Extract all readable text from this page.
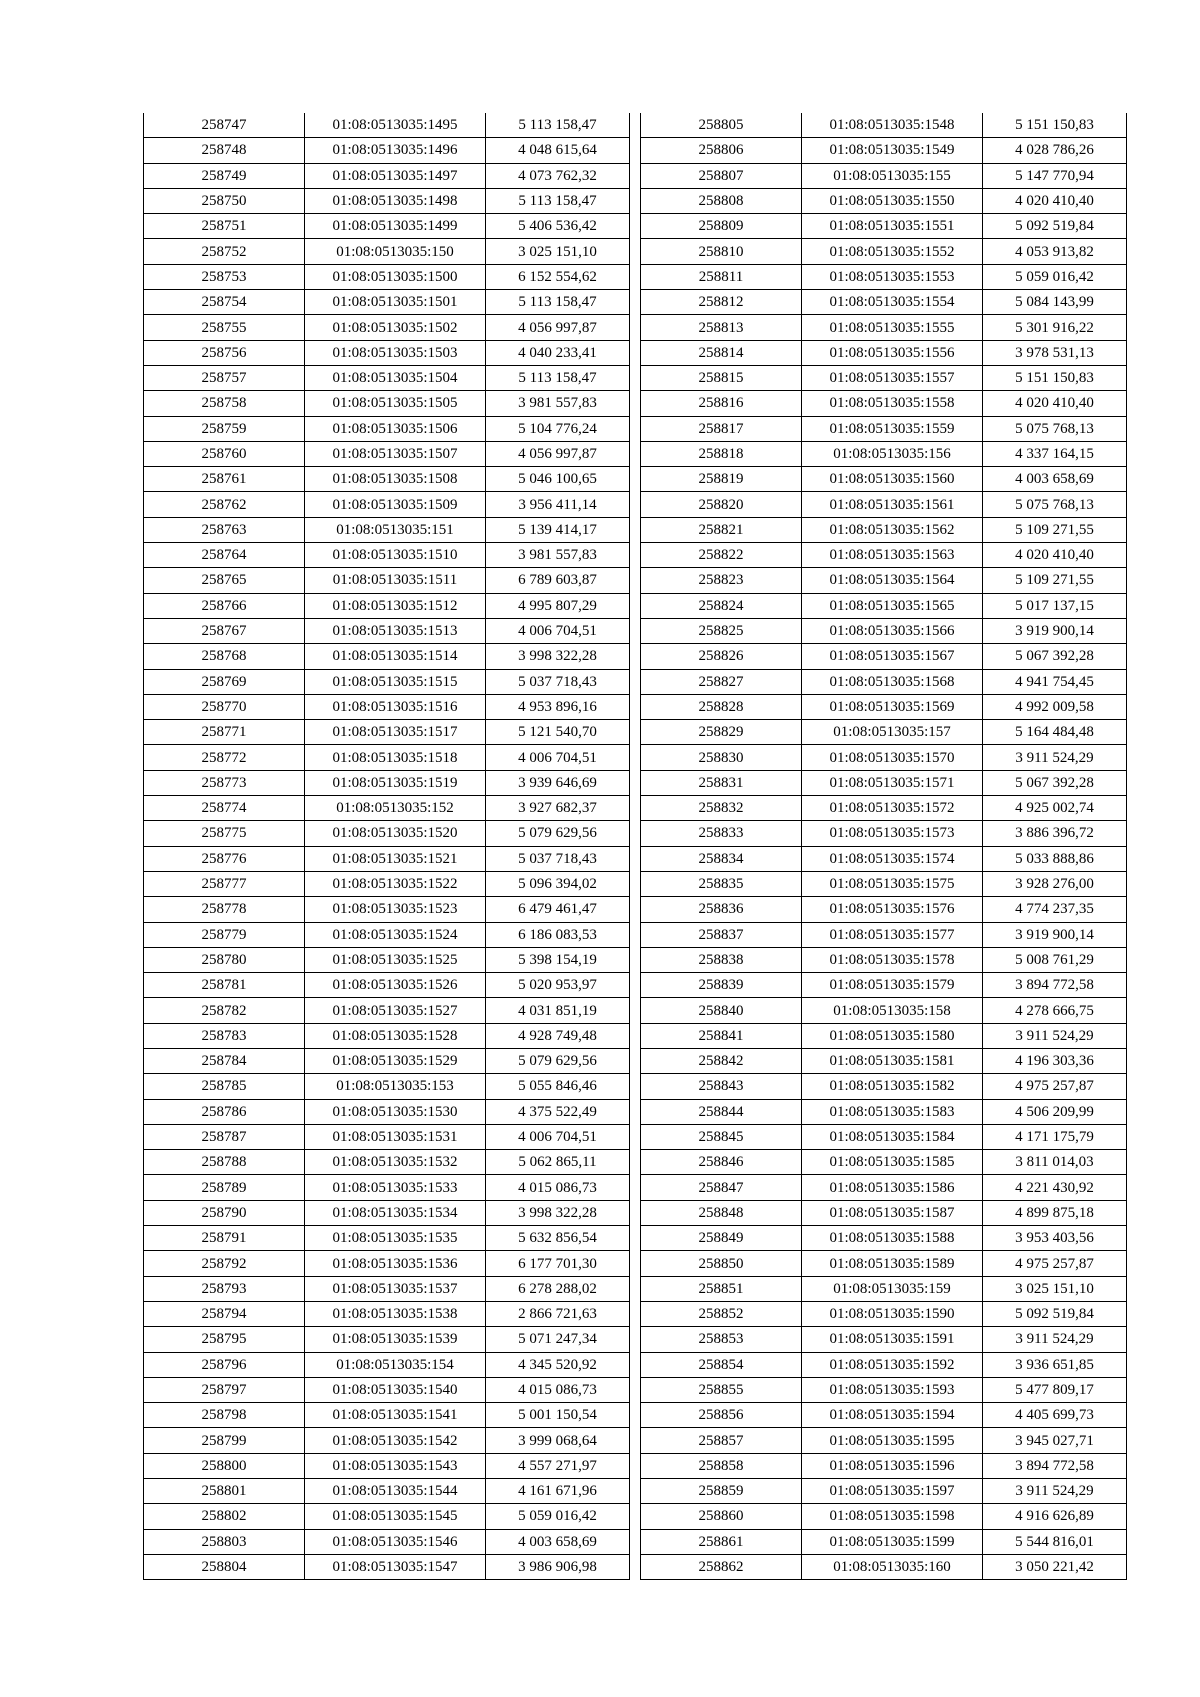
258747	01:08:0513035:1495	5 113 158,47
258748	01:08:0513035:1496	4 048 615,64
258749	01:08:0513035:1497	4 073 762,32
258750	01:08:0513035:1498	5 113 158,47
258751	01:08:0513035:1499	5 406 536,42
258752	01:08:0513035:150	3 025 151,10
258753	01:08:0513035:1500	6 152 554,62
258754	01:08:0513035:1501	5 113 158,47
258755	01:08:0513035:1502	4 056 997,87
258756	01:08:0513035:1503	4 040 233,41
258757	01:08:0513035:1504	5 113 158,47
258758	01:08:0513035:1505	3 981 557,83
258759	01:08:0513035:1506	5 104 776,24
258760	01:08:0513035:1507	4 056 997,87
258761	01:08:0513035:1508	5 046 100,65
258762	01:08:0513035:1509	3 956 411,14
258763	01:08:0513035:151	5 139 414,17
258764	01:08:0513035:1510	3 981 557,83
258765	01:08:0513035:1511	6 789 603,87
258766	01:08:0513035:1512	4 995 807,29
258767	01:08:0513035:1513	4 006 704,51
258768	01:08:0513035:1514	3 998 322,28
258769	01:08:0513035:1515	5 037 718,43
258770	01:08:0513035:1516	4 953 896,16
258771	01:08:0513035:1517	5 121 540,70
258772	01:08:0513035:1518	4 006 704,51
258773	01:08:0513035:1519	3 939 646,69
258774	01:08:0513035:152	3 927 682,37
258775	01:08:0513035:1520	5 079 629,56
258776	01:08:0513035:1521	5 037 718,43
258777	01:08:0513035:1522	5 096 394,02
258778	01:08:0513035:1523	6 479 461,47
258779	01:08:0513035:1524	6 186 083,53
258780	01:08:0513035:1525	5 398 154,19
258781	01:08:0513035:1526	5 020 953,97
258782	01:08:0513035:1527	4 031 851,19
258783	01:08:0513035:1528	4 928 749,48
258784	01:08:0513035:1529	5 079 629,56
258785	01:08:0513035:153	5 055 846,46
258786	01:08:0513035:1530	4 375 522,49
258787	01:08:0513035:1531	4 006 704,51
258788	01:08:0513035:1532	5 062 865,11
258789	01:08:0513035:1533	4 015 086,73
258790	01:08:0513035:1534	3 998 322,28
258791	01:08:0513035:1535	5 632 856,54
258792	01:08:0513035:1536	6 177 701,30
258793	01:08:0513035:1537	6 278 288,02
258794	01:08:0513035:1538	2 866 721,63
258795	01:08:0513035:1539	5 071 247,34
258796	01:08:0513035:154	4 345 520,92
258797	01:08:0513035:1540	4 015 086,73
258798	01:08:0513035:1541	5 001 150,54
258799	01:08:0513035:1542	3 999 068,64
258800	01:08:0513035:1543	4 557 271,97
258801	01:08:0513035:1544	4 161 671,96
258802	01:08:0513035:1545	5 059 016,42
258803	01:08:0513035:1546	4 003 658,69
258804	01:08:0513035:1547	3 986 906,98
258805	01:08:0513035:1548	5 151 150,83
258806	01:08:0513035:1549	4 028 786,26
258807	01:08:0513035:155	5 147 770,94
258808	01:08:0513035:1550	4 020 410,40
258809	01:08:0513035:1551	5 092 519,84
258810	01:08:0513035:1552	4 053 913,82
258811	01:08:0513035:1553	5 059 016,42
258812	01:08:0513035:1554	5 084 143,99
258813	01:08:0513035:1555	5 301 916,22
258814	01:08:0513035:1556	3 978 531,13
258815	01:08:0513035:1557	5 151 150,83
258816	01:08:0513035:1558	4 020 410,40
258817	01:08:0513035:1559	5 075 768,13
258818	01:08:0513035:156	4 337 164,15
258819	01:08:0513035:1560	4 003 658,69
258820	01:08:0513035:1561	5 075 768,13
258821	01:08:0513035:1562	5 109 271,55
258822	01:08:0513035:1563	4 020 410,40
258823	01:08:0513035:1564	5 109 271,55
258824	01:08:0513035:1565	5 017 137,15
258825	01:08:0513035:1566	3 919 900,14
258826	01:08:0513035:1567	5 067 392,28
258827	01:08:0513035:1568	4 941 754,45
258828	01:08:0513035:1569	4 992 009,58
258829	01:08:0513035:157	5 164 484,48
258830	01:08:0513035:1570	3 911 524,29
258831	01:08:0513035:1571	5 067 392,28
258832	01:08:0513035:1572	4 925 002,74
258833	01:08:0513035:1573	3 886 396,72
258834	01:08:0513035:1574	5 033 888,86
258835	01:08:0513035:1575	3 928 276,00
258836	01:08:0513035:1576	4 774 237,35
258837	01:08:0513035:1577	3 919 900,14
258838	01:08:0513035:1578	5 008 761,29
258839	01:08:0513035:1579	3 894 772,58
258840	01:08:0513035:158	4 278 666,75
258841	01:08:0513035:1580	3 911 524,29
258842	01:08:0513035:1581	4 196 303,36
258843	01:08:0513035:1582	4 975 257,87
258844	01:08:0513035:1583	4 506 209,99
258845	01:08:0513035:1584	4 171 175,79
258846	01:08:0513035:1585	3 811 014,03
258847	01:08:0513035:1586	4 221 430,92
258848	01:08:0513035:1587	4 899 875,18
258849	01:08:0513035:1588	3 953 403,56
258850	01:08:0513035:1589	4 975 257,87
258851	01:08:0513035:159	3 025 151,10
258852	01:08:0513035:1590	5 092 519,84
258853	01:08:0513035:1591	3 911 524,29
258854	01:08:0513035:1592	3 936 651,85
258855	01:08:0513035:1593	5 477 809,17
258856	01:08:0513035:1594	4 405 699,73
258857	01:08:0513035:1595	3 945 027,71
258858	01:08:0513035:1596	3 894 772,58
258859	01:08:0513035:1597	3 911 524,29
258860	01:08:0513035:1598	4 916 626,89
258861	01:08:0513035:1599	5 544 816,01
258862	01:08:0513035:160	3 050 221,42
